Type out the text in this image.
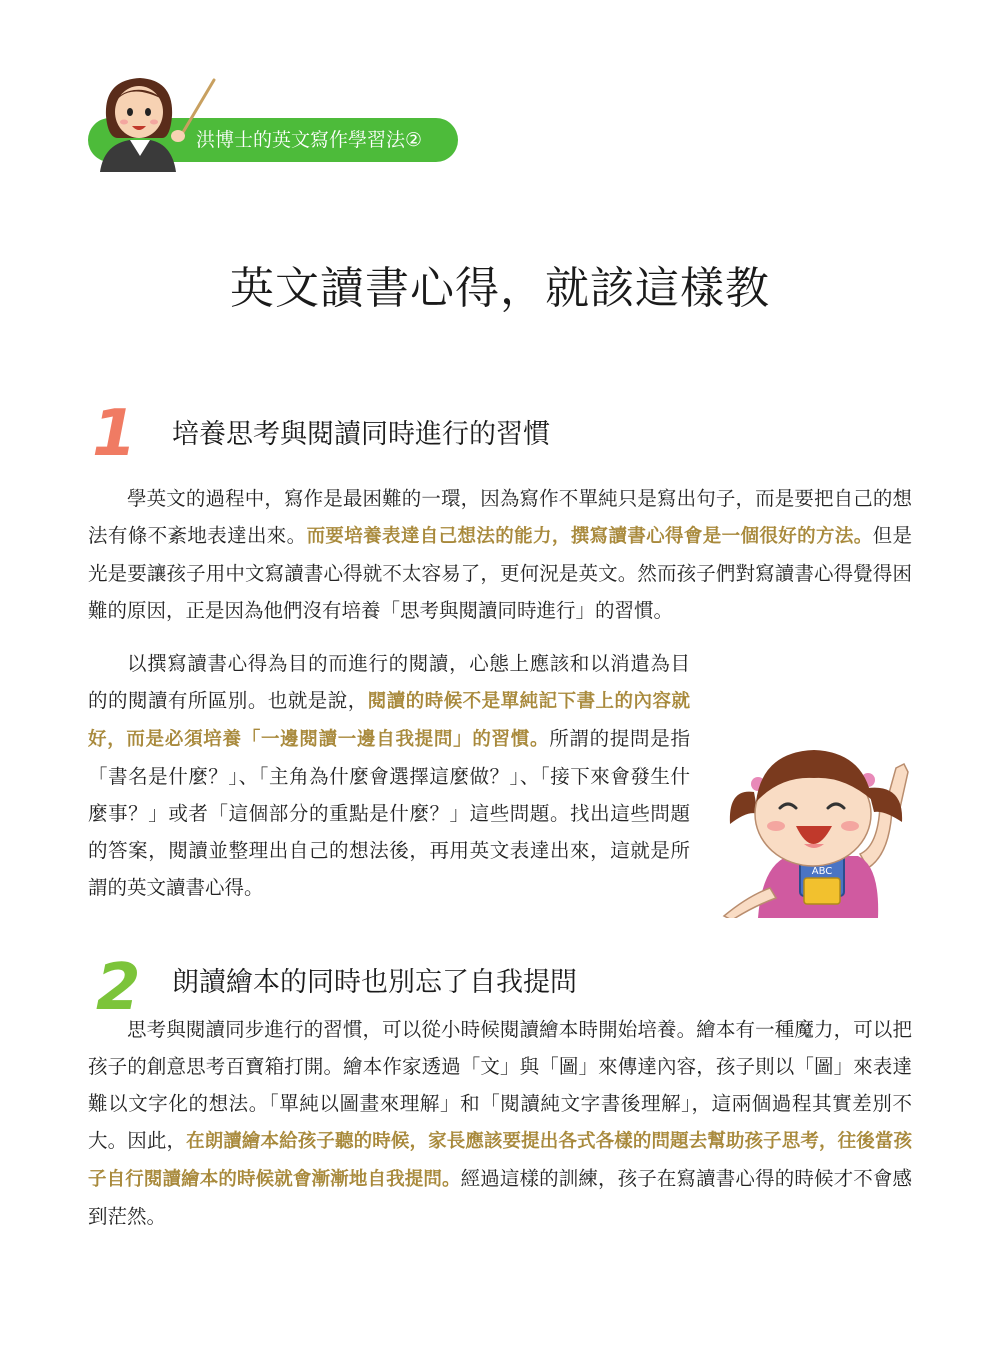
洪博士的英文寫作學習法②
英文讀書心得，就該這樣教
1 培養思考與閱讀同時進行的習慣

學英文的過程中，寫作是最困難的一環，因為寫作不單純只是寫出句子，而是要把自己的想法有條不紊地表達出來。而要培養表達自己想法的能力，撰寫讀書心得會是一個很好的方法。但是光是要讓孩子用中文寫讀書心得就不太容易了，更何況是英文。然而孩子們對寫讀書心得覺得困難的原因，正是因為他們沒有培養「思考與閱讀同時進行」的習慣。

以撰寫讀書心得為目的而進行的閱讀，心態上應該和以消遣為目的的閱讀有所區別。也就是說，閱讀的時候不是單純記下書上的內容就好，而是必須培養「一邊閱讀一邊自我提問」的習慣。所謂的提問是指「書名是什麼？」、「主角為什麼會選擇這麼做？」、「接下來會發生什麼事？」或者「這個部分的重點是什麼？」這些問題。找出這些問題的答案，閱讀並整理出自己的想法後，再用英文表達出來，這就是所謂的英文讀書心得。

ABC
2 朗讀繪本的同時也別忘了自我提問

思考與閱讀同步進行的習慣，可以從小時候閱讀繪本時開始培養。繪本有一種魔力，可以把孩子的創意思考百寶箱打開。繪本作家透過「文」與「圖」來傳達內容，孩子則以「圖」來表達難以文字化的想法。「單純以圖畫來理解」和「閱讀純文字書後理解」，這兩個過程其實差別不大。因此，在朗讀繪本給孩子聽的時候，家長應該要提出各式各樣的問題去幫助孩子思考，往後當孩子自行閱讀繪本的時候就會漸漸地自我提問。經過這樣的訓練，孩子在寫讀書心得的時候才不會感到茫然。
